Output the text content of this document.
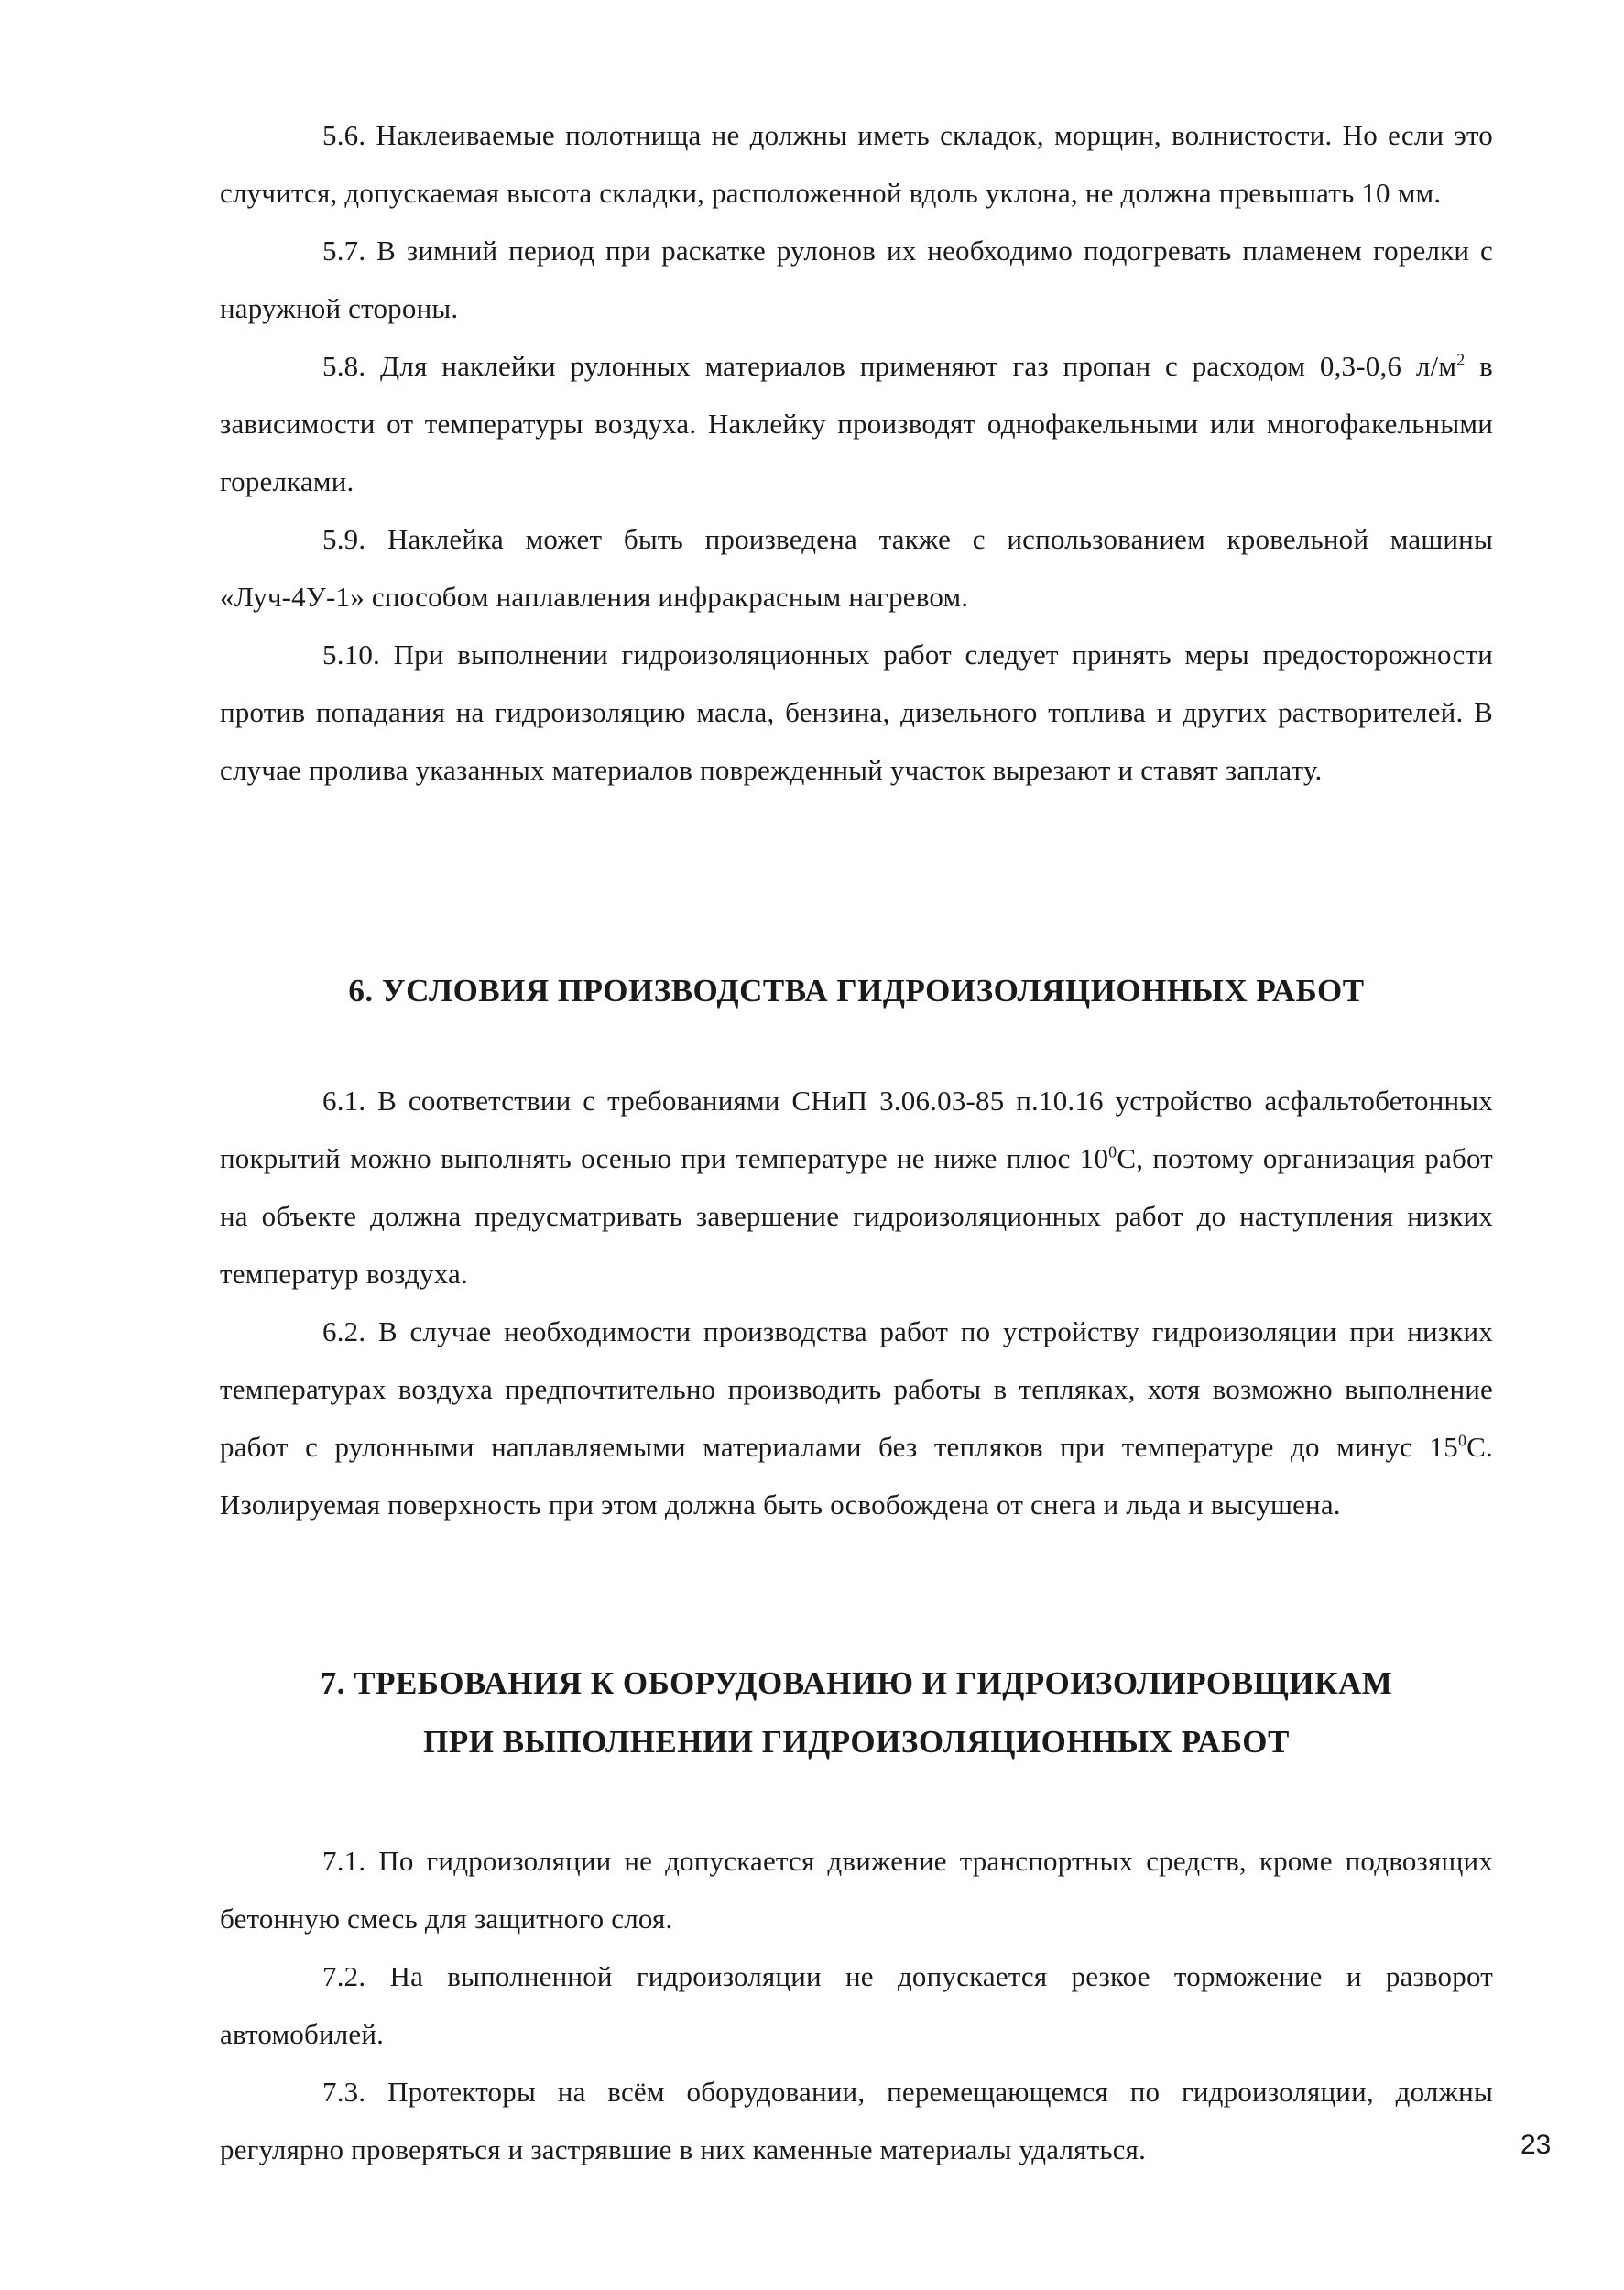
5.6. Наклеиваемые полотнища не должны иметь складок, морщин, волнистости. Но если это случится, допускаемая высота складки, расположенной вдоль уклона, не должна превышать 10 мм.

5.7. В зимний период при раскатке рулонов их необходимо подогревать пламенем горелки с наружной стороны.

5.8. Для наклейки рулонных материалов применяют газ пропан с расходом 0,3-0,6 $л/м^2$ в зависимости от температуры воздуха. Наклейку производят однофакельными или многофакельными горелками.

5.9. Наклейка может быть произведена также с использованием кровельной машины «Луч-4У-1» способом наплавления инфракрасным нагревом.

5.10. При выполнении гидроизоляционных работ следует принять меры предосторожности против попадания на гидроизоляцию масла, бензина, дизельного топлива и других растворителей. В случае пролива указанных материалов поврежденный участок вырезают и ставят заплату.

6. УСЛОВИЯ ПРОИЗВОДСТВА ГИДРОИЗОЛЯЦИОННЫХ РАБОТ

6.1. В соответствии с требованиями СНиП 3.06.03-85 п.10.16 устройство асфальтобетонных покрытий можно выполнять осенью при температуре не ниже плюс $10^0С$, поэтому организация работ на объекте должна предусматривать завершение гидроизоляционных работ до наступления низких температур воздуха.

6.2. В случае необходимости производства работ по устройству гидроизоляции при низких температурах воздуха предпочтительно производить работы в тепляках, хотя возможно выполнение работ с рулонными наплавляемыми материалами без тепляков при температуре до минус $15^0С$. Изолируемая поверхность при этом должна быть освобождена от снега и льда и высушена.

7. ТРЕБОВАНИЯ К ОБОРУДОВАНИЮ И ГИДРОИЗОЛИРОВЩИКАМ
ПРИ ВЫПОЛНЕНИИ ГИДРОИЗОЛЯЦИОННЫХ РАБОТ

7.1. По гидроизоляции не допускается движение транспортных средств, кроме подвозящих бетонную смесь для защитного слоя.

7.2. На выполненной гидроизоляции не допускается резкое торможение и разворот автомобилей.

7.3. Протекторы на всём оборудовании, перемещающемся по гидроизоляции, должны регулярно проверяться и застрявшие в них каменные материалы удаляться.	23
